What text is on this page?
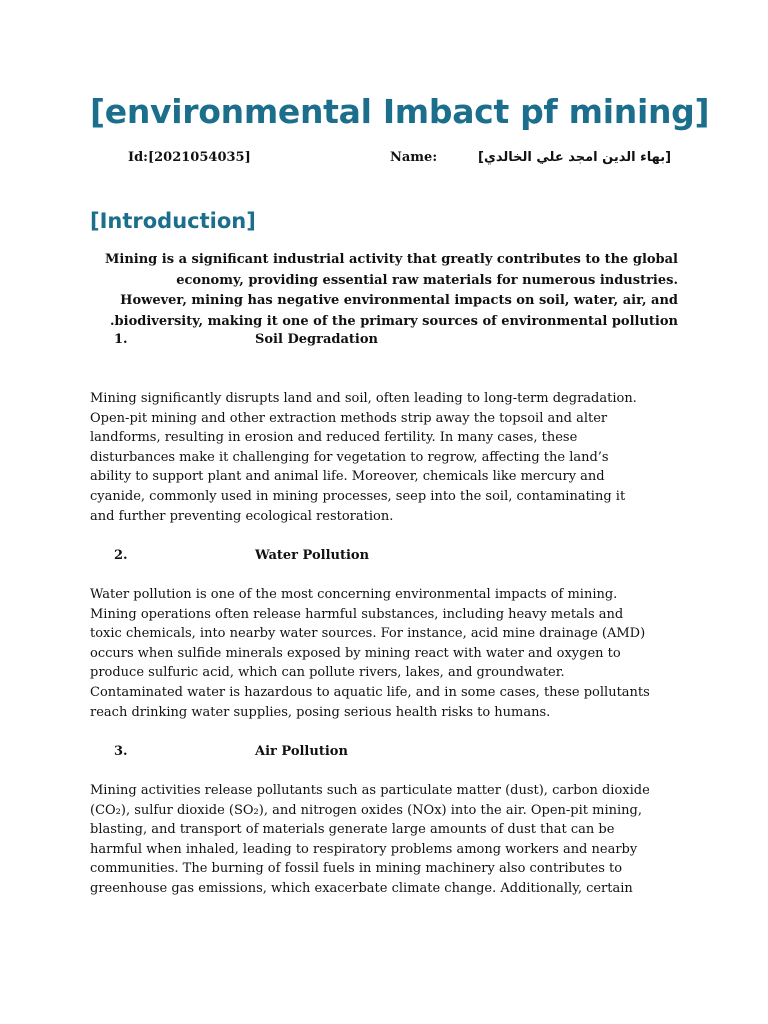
[environmental Imbact pf mining]
Id:[2021054035]	Name:	[بهاء الدين امجد علي الخالدي]
[Introduction]
Mining is a significant industrial activity that greatly contributes to the global
economy, providing essential raw materials for numerous industries.
However, mining has negative environmental impacts on soil, water, air, and
.biodiversity, making it one of the primary sources of environmental pollution
1.	Soil Degradation
Mining significantly disrupts land and soil, often leading to long-term degradation.
Open-pit mining and other extraction methods strip away the topsoil and alter
landforms, resulting in erosion and reduced fertility. In many cases, these
disturbances make it challenging for vegetation to regrow, affecting the land’s
ability to support plant and animal life. Moreover, chemicals like mercury and
cyanide, commonly used in mining processes, seep into the soil, contaminating it
and further preventing ecological restoration.
2.	Water Pollution
Water pollution is one of the most concerning environmental impacts of mining.
Mining operations often release harmful substances, including heavy metals and
toxic chemicals, into nearby water sources. For instance, acid mine drainage (AMD)
occurs when sulfide minerals exposed by mining react with water and oxygen to
produce sulfuric acid, which can pollute rivers, lakes, and groundwater.
Contaminated water is hazardous to aquatic life, and in some cases, these pollutants
reach drinking water supplies, posing serious health risks to humans.
3.	Air Pollution
Mining activities release pollutants such as particulate matter (dust), carbon dioxide
(CO₂), sulfur dioxide (SO₂), and nitrogen oxides (NOx) into the air. Open-pit mining,
blasting, and transport of materials generate large amounts of dust that can be
harmful when inhaled, leading to respiratory problems among workers and nearby
communities. The burning of fossil fuels in mining machinery also contributes to
greenhouse gas emissions, which exacerbate climate change. Additionally, certain
